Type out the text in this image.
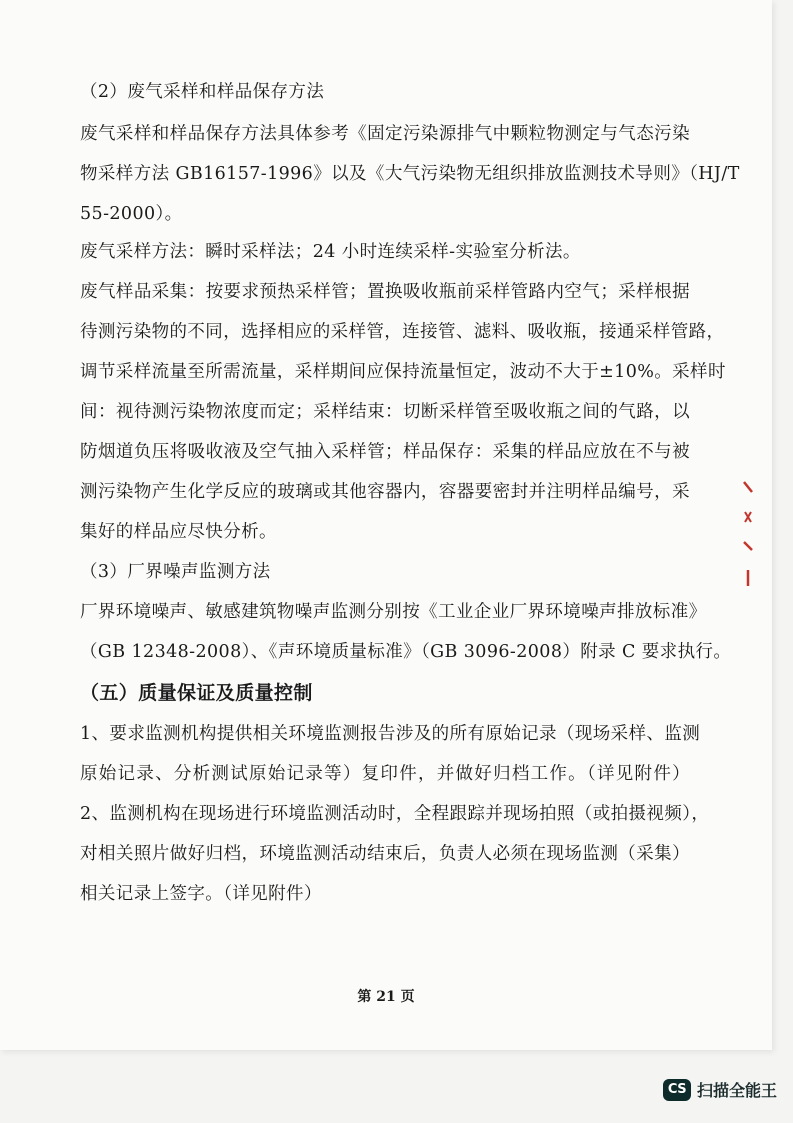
（2）废气采样和样品保存方法
废气采样和样品保存方法具体参考《固定污染源排气中颗粒物测定与气态污染
物采样方法 GB16157-1996》以及《大气污染物无组织排放监测技术导则》（HJ/T
55-2000）。
废气采样方法：瞬时采样法；24 小时连续采样-实验室分析法。
废气样品采集：按要求预热采样管；置换吸收瓶前采样管路内空气；采样根据
待测污染物的不同，选择相应的采样管，连接管、滤料、吸收瓶，接通采样管路，
调节采样流量至所需流量，采样期间应保持流量恒定，波动不大于±10%。采样时
间：视待测污染物浓度而定；采样结束：切断采样管至吸收瓶之间的气路，以
防烟道负压将吸收液及空气抽入采样管；样品保存：采集的样品应放在不与被
测污染物产生化学反应的玻璃或其他容器内，容器要密封并注明样品编号，采
集好的样品应尽快分析。
（3）厂界噪声监测方法
厂界环境噪声、敏感建筑物噪声监测分别按《工业企业厂界环境噪声排放标准》
（GB 12348-2008）、《声环境质量标准》（GB 3096-2008）附录 C 要求执行。
（五）质量保证及质量控制
1、要求监测机构提供相关环境监测报告涉及的所有原始记录（现场采样、监测
原始记录、分析测试原始记录等）复印件，并做好归档工作。（详见附件）
2、监测机构在现场进行环境监测活动时，全程跟踪并现场拍照（或拍摄视频），
对相关照片做好归档，环境监测活动结束后，负责人必须在现场监测（采集）
相关记录上签字。（详见附件）
第 21 页
CS 扫描全能王
